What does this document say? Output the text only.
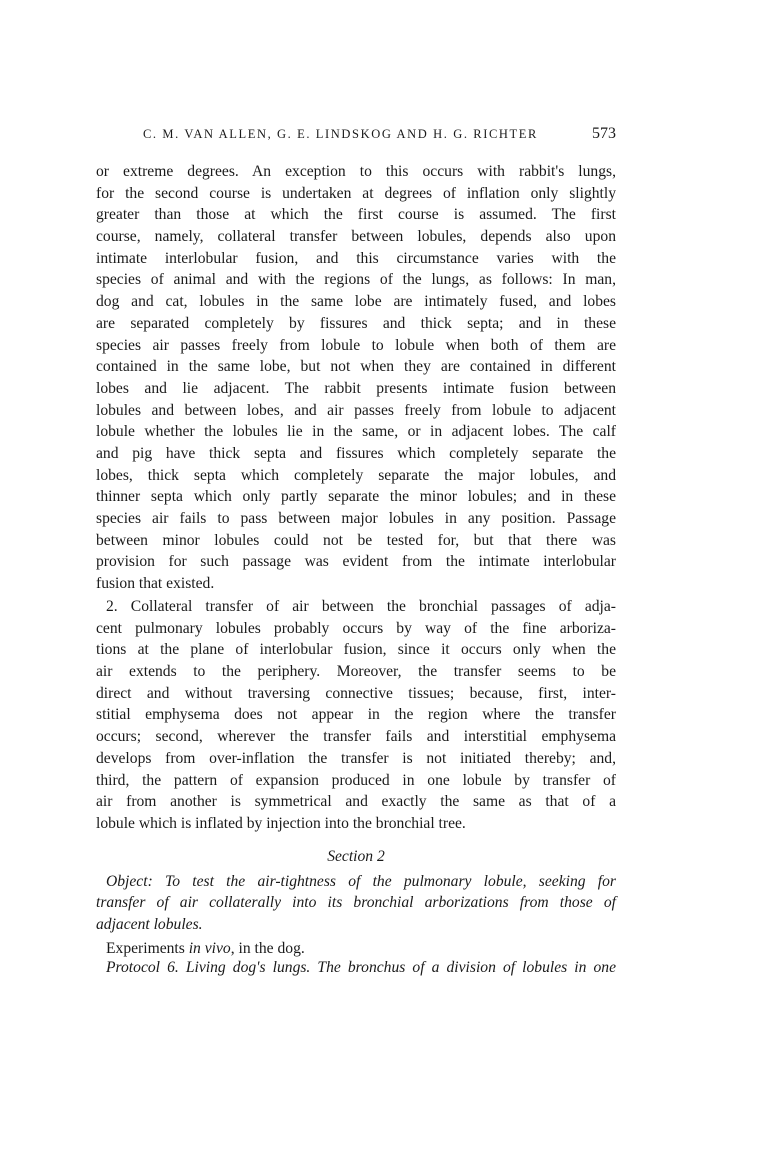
C. M. VAN ALLEN, G. E. LINDSKOG AND H. G. RICHTER	573
or extreme degrees. An exception to this occurs with rabbit's lungs,
for the second course is undertaken at degrees of inflation only slightly
greater than those at which the first course is assumed. The first
course, namely, collateral transfer between lobules, depends also upon
intimate interlobular fusion, and this circumstance varies with the
species of animal and with the regions of the lungs, as follows: In man,
dog and cat, lobules in the same lobe are intimately fused, and lobes
are separated completely by fissures and thick septa; and in these
species air passes freely from lobule to lobule when both of them are
contained in the same lobe, but not when they are contained in different
lobes and lie adjacent. The rabbit presents intimate fusion between
lobules and between lobes, and air passes freely from lobule to adjacent
lobule whether the lobules lie in the same, or in adjacent lobes. The calf
and pig have thick septa and fissures which completely separate the
lobes, thick septa which completely separate the major lobules, and
thinner septa which only partly separate the minor lobules; and in these
species air fails to pass between major lobules in any position. Passage
between minor lobules could not be tested for, but that there was
provision for such passage was evident from the intimate interlobular
fusion that existed.
2. Collateral transfer of air between the bronchial passages of adja-
cent pulmonary lobules probably occurs by way of the fine arboriza-
tions at the plane of interlobular fusion, since it occurs only when the
air extends to the periphery. Moreover, the transfer seems to be
direct and without traversing connective tissues; because, first, inter-
stitial emphysema does not appear in the region where the transfer
occurs; second, wherever the transfer fails and interstitial emphysema
develops from over-inflation the transfer is not initiated thereby; and,
third, the pattern of expansion produced in one lobule by transfer of
air from another is symmetrical and exactly the same as that of a
lobule which is inflated by injection into the bronchial tree.
Section 2
Object: To test the air-tightness of the pulmonary lobule, seeking for
transfer of air collaterally into its bronchial arborizations from those of
adjacent lobules.
Experiments in vivo, in the dog.
Protocol 6. Living dog's lungs. The bronchus of a division of lobules in one
